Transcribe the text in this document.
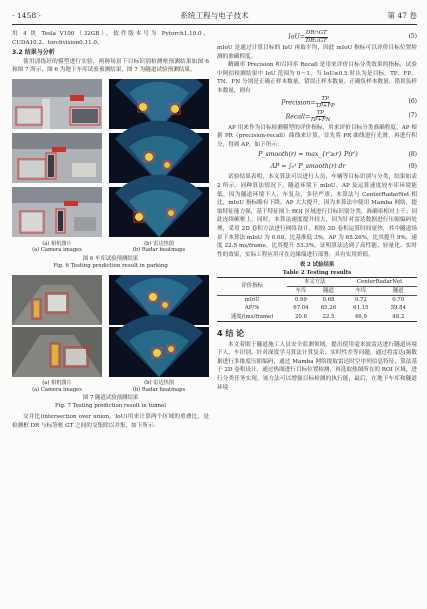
· 1458 ·	系统工程与电子技术	第 47 卷

用 4 块 Tesla V100（32GB），软件版本号为 Pytorch1.10.0、CUDA10.2、torchvision0.11.0。

3.2 结果与分析

使用训练好的模型进行实验，两种场景下目标识别检测框预测结果如图 6 和图 7 所示，图 6 为地下车库试验预测结果，图 7 为隧道试验预测结果。

(a) 相机图片
(a) Camera images
(b) 雷达热图
(b) Radar heatmaps
图 6 车库试验预测结果
Fig. 6 Testing prediction result in parking
(a) 相机图片
(a) Camera images
(b) 雷达热图
(b) Radar heatmaps
图 7 隧道试验预测结果
Fig. 7 Testing prediction result in tunnel

交并比(intersection over union，IoU)用来计算两个区域的重叠比，是检测框 DR 与标签框 GT 之间的交集除以并集，如下所示：

$IoU= \frac{DR\cap GT}{DR\cup GT}$	(5)

mIoU 是通过计算目标的 IoU 再取平均，因此 mIoU 指标可以评价目标位置检测的准确程度。

精确率 Precision 和召回率 Recall 是用来评价目标分类效果的指标，试验中阿伯检测结果中 IoU 范围为 0～1，当 IoU≥0.5 时认为是目标。TP、FP、TN、FN 分别是正确正样本数量、错误正样本数量、正确负样本数量、错误负样本数量，则有

Precision= $\frac{TP}{TP+FP}$	(6)
Recall= $\frac{TP}{TP+FN}$	(7)

AP 用来作为目标检测模型的评价指标，用来评价目标分类准确程度。AP 根据 PR（precision-recall）曲线来计算，首先将 PR 曲线进行光滑，再进行积分，得到 AP，如下所示：

P_smooth(r) = max_{r'≥r} P(r')	(8)
AP = ∫₀¹ P_smooth(r) dr	(9)

试验结果表明，本文算法可以进行人员、车辆等目标识别与分类，结果如表 2 所示。同种算法情况下，隧道环境下 mIoU、AP 及运算速度较车库环境能低，因为隧道环境下人、车复杂、多径严重；本算法与 CenterRadarNet 相比，mIoU 指标略有下降、AP 大大提升，因为本算法中使用 Mamba 网络，提取特征能力强，基于特征图上 ROI 区域进行目标识别分类，准确率相对上千；因此连续帧框上，同时，本算法速度提升较大，因为针对雷达数据进行压缩编码处理，采用 2D 卷积方法进行网络设计，相较 3D 卷积运算时间更快，其中隧道场景下本算法 mIoU 为 0.68，比基准低 3%，AP 为 65.26%，比其提升 9%，速度 22.5 ms/frame，比其提升 53.3%，证明算法达到了高性能、轻量化、实时性的效果，实际工程应用可在边缘端进行部署，具有实用价值。

表 2 试验结果
Table 2 Testing results
评价指标	本文方法		CenterRadarNet	
	车库	隧道	车库	隧道
mIoU	0.69	0.68	0.72	0.70
AP/%	67.04	65.26	61.15	59.84
速度/(ms/frame)	20.6	22.5	46.9	48.2

4 结 论

本文着眼于隧道施工人员安全监测领域，提出使用毫米波雷达进行隧道环境下人、车识别，针对深度学习算法计算复杂、实时性差等问题，通过将雷达ⅰ频数据进行多维度压缩编码，通过 Mamba 网络提取雷达时空序列信息特征，算法基于 2D 卷积设计，通过热图进行目标位置检测，再选取热图所在的 ROI 区域，进行分类任务实现，该方法可以增强目标检测的执行能，最后，在地下车库和隧道环境
